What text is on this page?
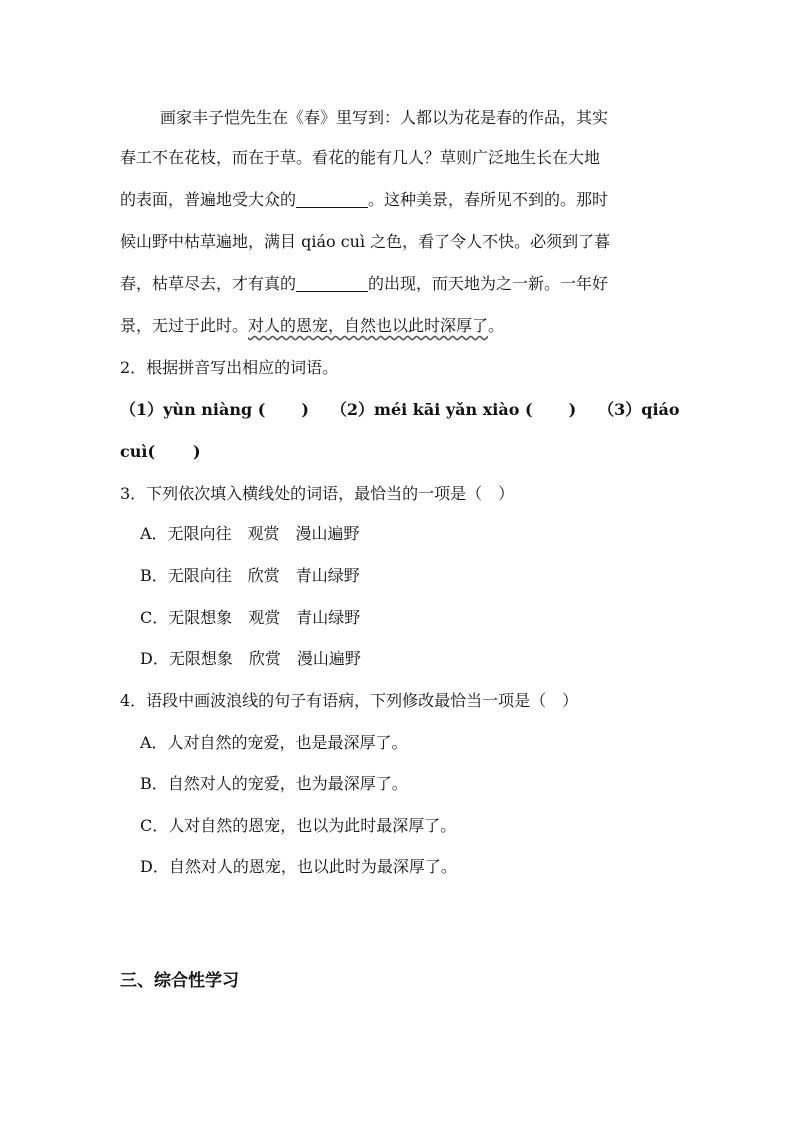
画家丰子恺先生在《春》里写到：人都以为花是春的作品，其实
春工不在花枝，而在于草。看花的能有几人？草则广泛地生长在大地
的表面，普遍地受大众的	。这种美景，春所见不到的。那时
候山野中枯草遍地，满目 qiáo cuì 之色，看了令人不快。必须到了暮
春，枯草尽去，才有真的	的出现，而天地为之一新。一年好
景，无过于此时。对人的恩宠，自然也以此时深厚了。
2．根据拼音写出相应的词语。
（1）yùn niàng ( ) （2）méi kāi yǎn xiào ( ) （3）qiáo
cuì( )
3．下列依次填入横线处的词语，最恰当的一项是（　）
A．无限向往　观赏　漫山遍野
B．无限向往　欣赏　青山绿野
C．无限想象　观赏　青山绿野
D．无限想象　欣赏　漫山遍野
4．语段中画波浪线的句子有语病，下列修改最恰当一项是（　）
A．人对自然的宠爱，也是最深厚了。
B．自然对人的宠爱，也为最深厚了。
C．人对自然的恩宠，也以为此时最深厚了。
D．自然对人的恩宠，也以此时为最深厚了。
三、综合性学习
